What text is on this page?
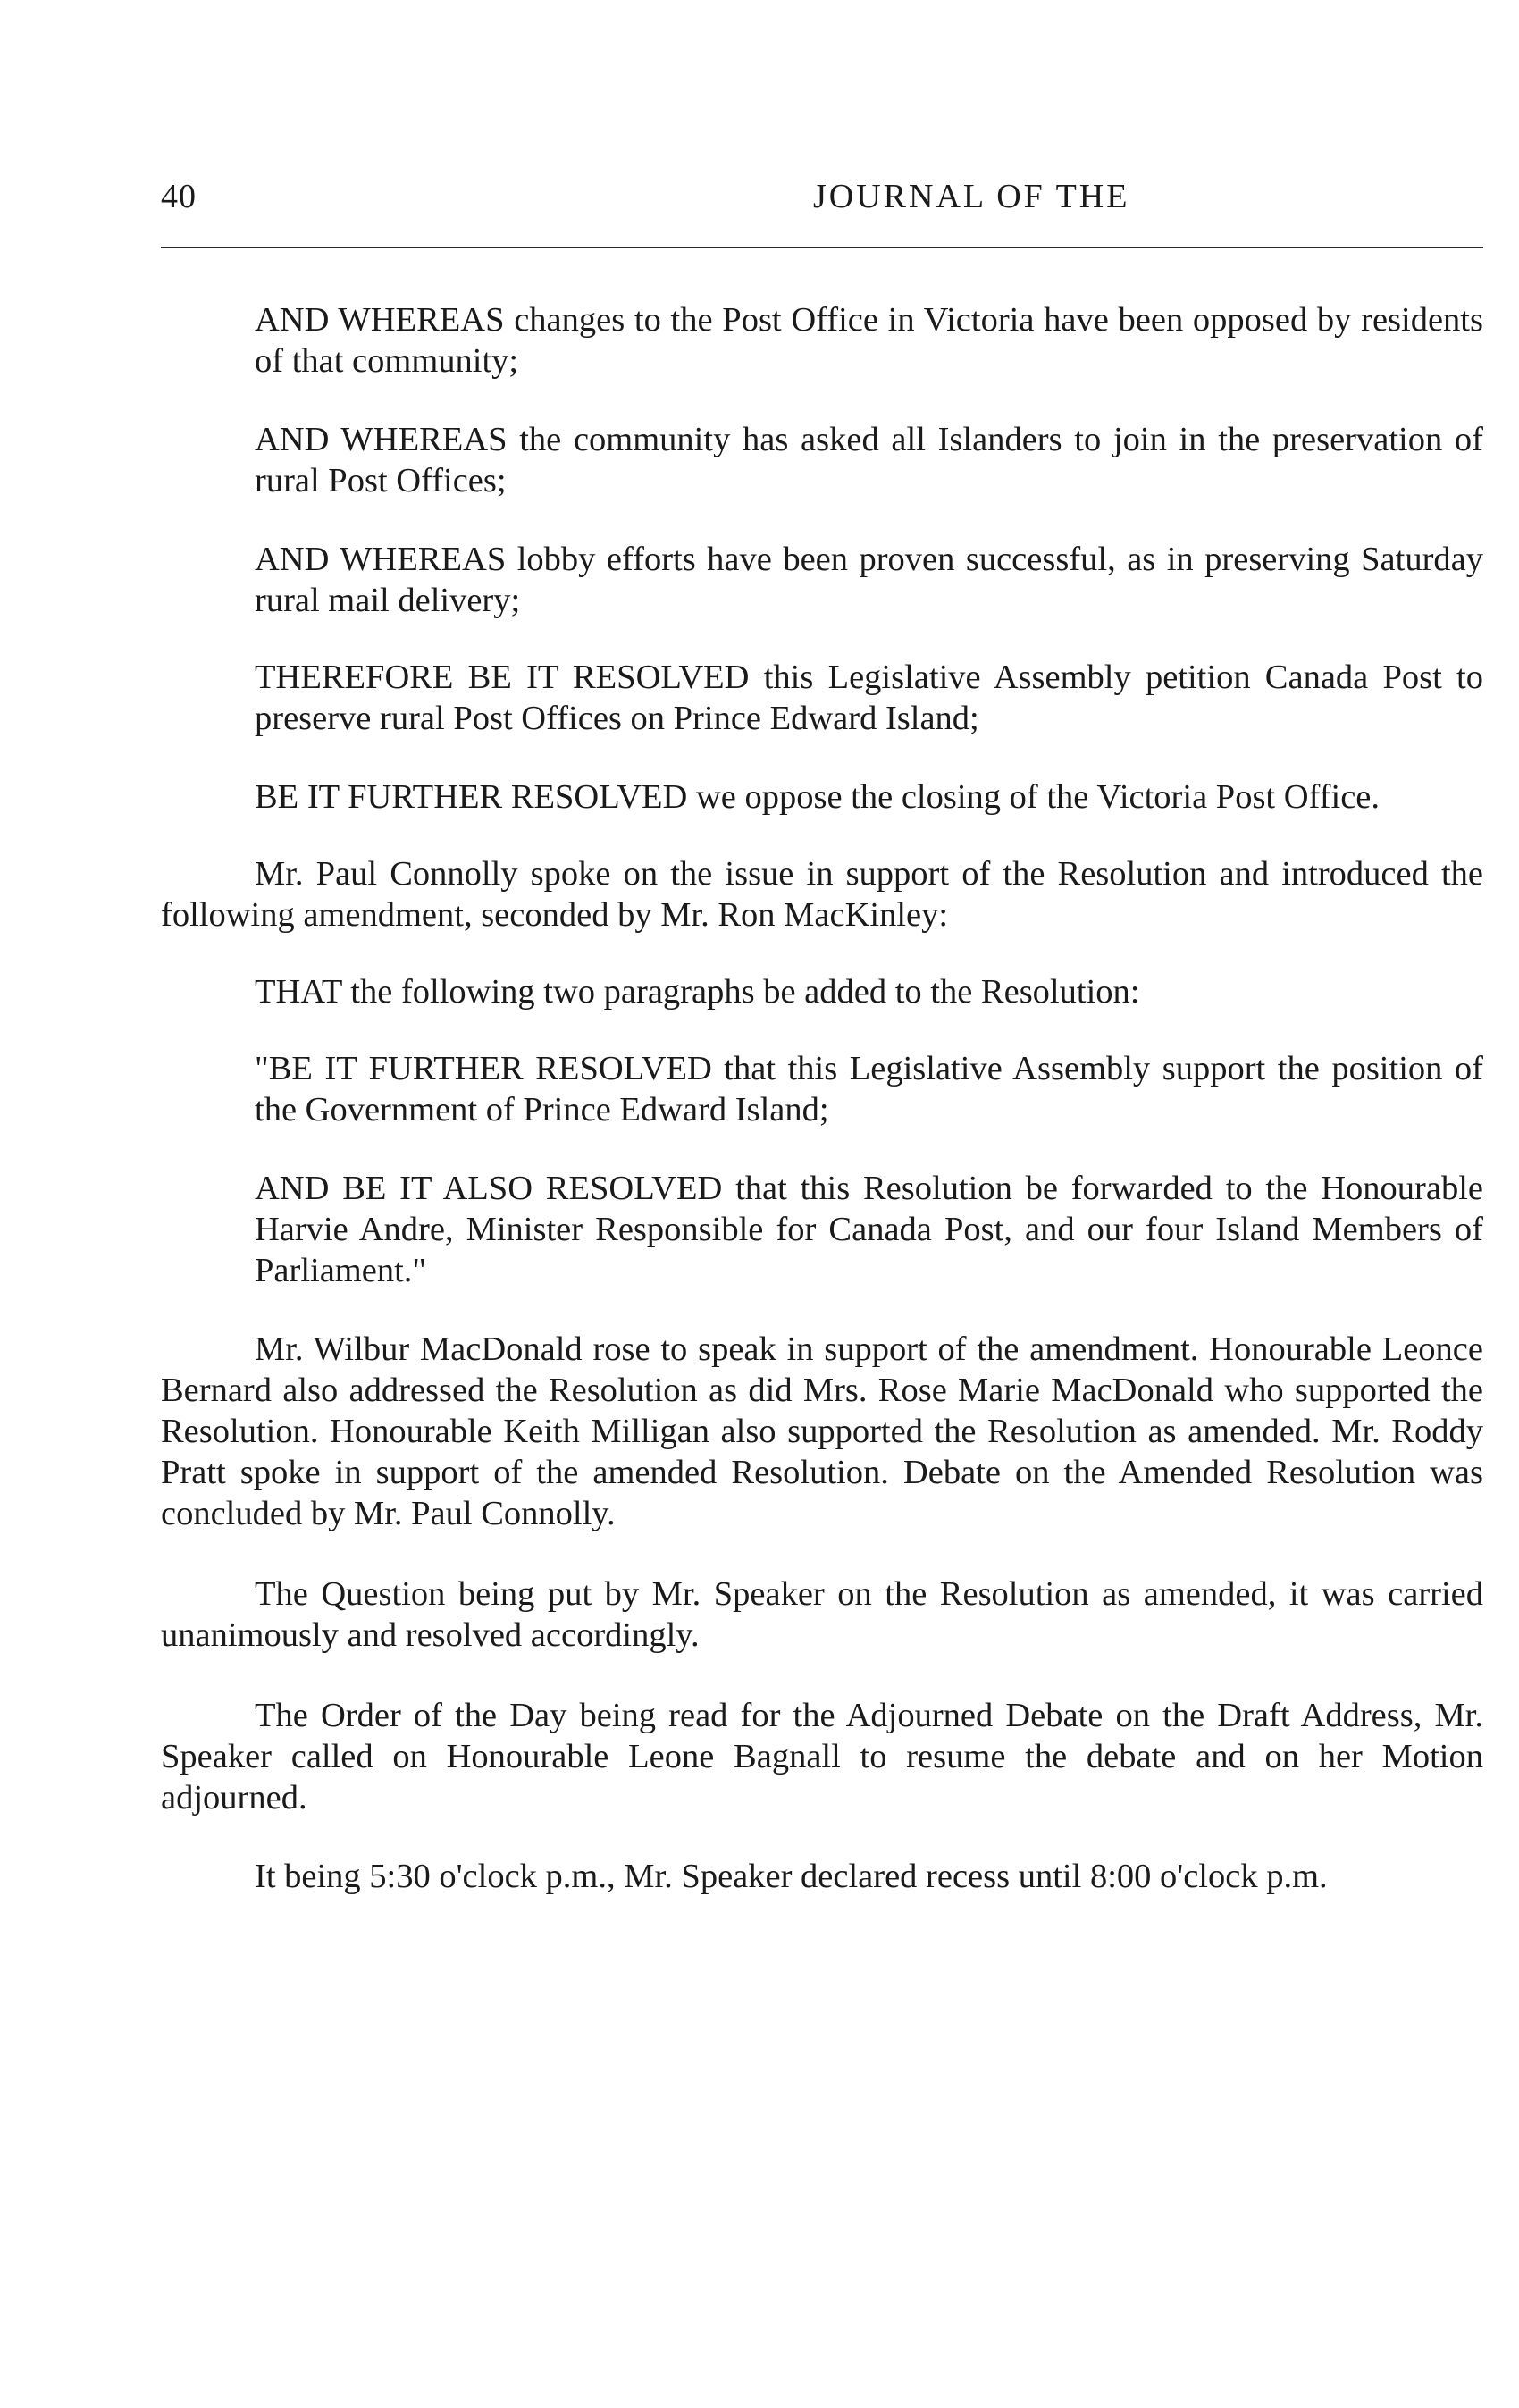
40	JOURNAL OF THE

AND WHEREAS changes to the Post Office in Victoria have been opposed by residents of that community;

AND WHEREAS the community has asked all Islanders to join in the preservation of rural Post Offices;

AND WHEREAS lobby efforts have been proven successful, as in preserving Saturday rural mail delivery;

THEREFORE BE IT RESOLVED this Legislative Assembly petition Canada Post to preserve rural Post Offices on Prince Edward Island;

BE IT FURTHER RESOLVED we oppose the closing of the Victoria Post Office.

Mr. Paul Connolly spoke on the issue in support of the Resolution and introduced the following amendment, seconded by Mr. Ron MacKinley:

THAT the following two paragraphs be added to the Resolution:

"BE IT FURTHER RESOLVED that this Legislative Assembly support the position of the Government of Prince Edward Island;

AND BE IT ALSO RESOLVED that this Resolution be forwarded to the Honourable Harvie Andre, Minister Responsible for Canada Post, and our four Island Members of Parliament."

Mr. Wilbur MacDonald rose to speak in support of the amendment. Honourable Leonce Bernard also addressed the Resolution as did Mrs. Rose Marie MacDonald who supported the Resolution. Honourable Keith Milligan also supported the Resolution as amended. Mr. Roddy Pratt spoke in support of the amended Resolution. Debate on the Amended Resolution was concluded by Mr. Paul Connolly.

The Question being put by Mr. Speaker on the Resolution as amended, it was carried unanimously and resolved accordingly.

The Order of the Day being read for the Adjourned Debate on the Draft Address, Mr. Speaker called on Honourable Leone Bagnall to resume the debate and on her Motion adjourned.

It being 5:30 o'clock p.m., Mr. Speaker declared recess until 8:00 o'clock p.m.
